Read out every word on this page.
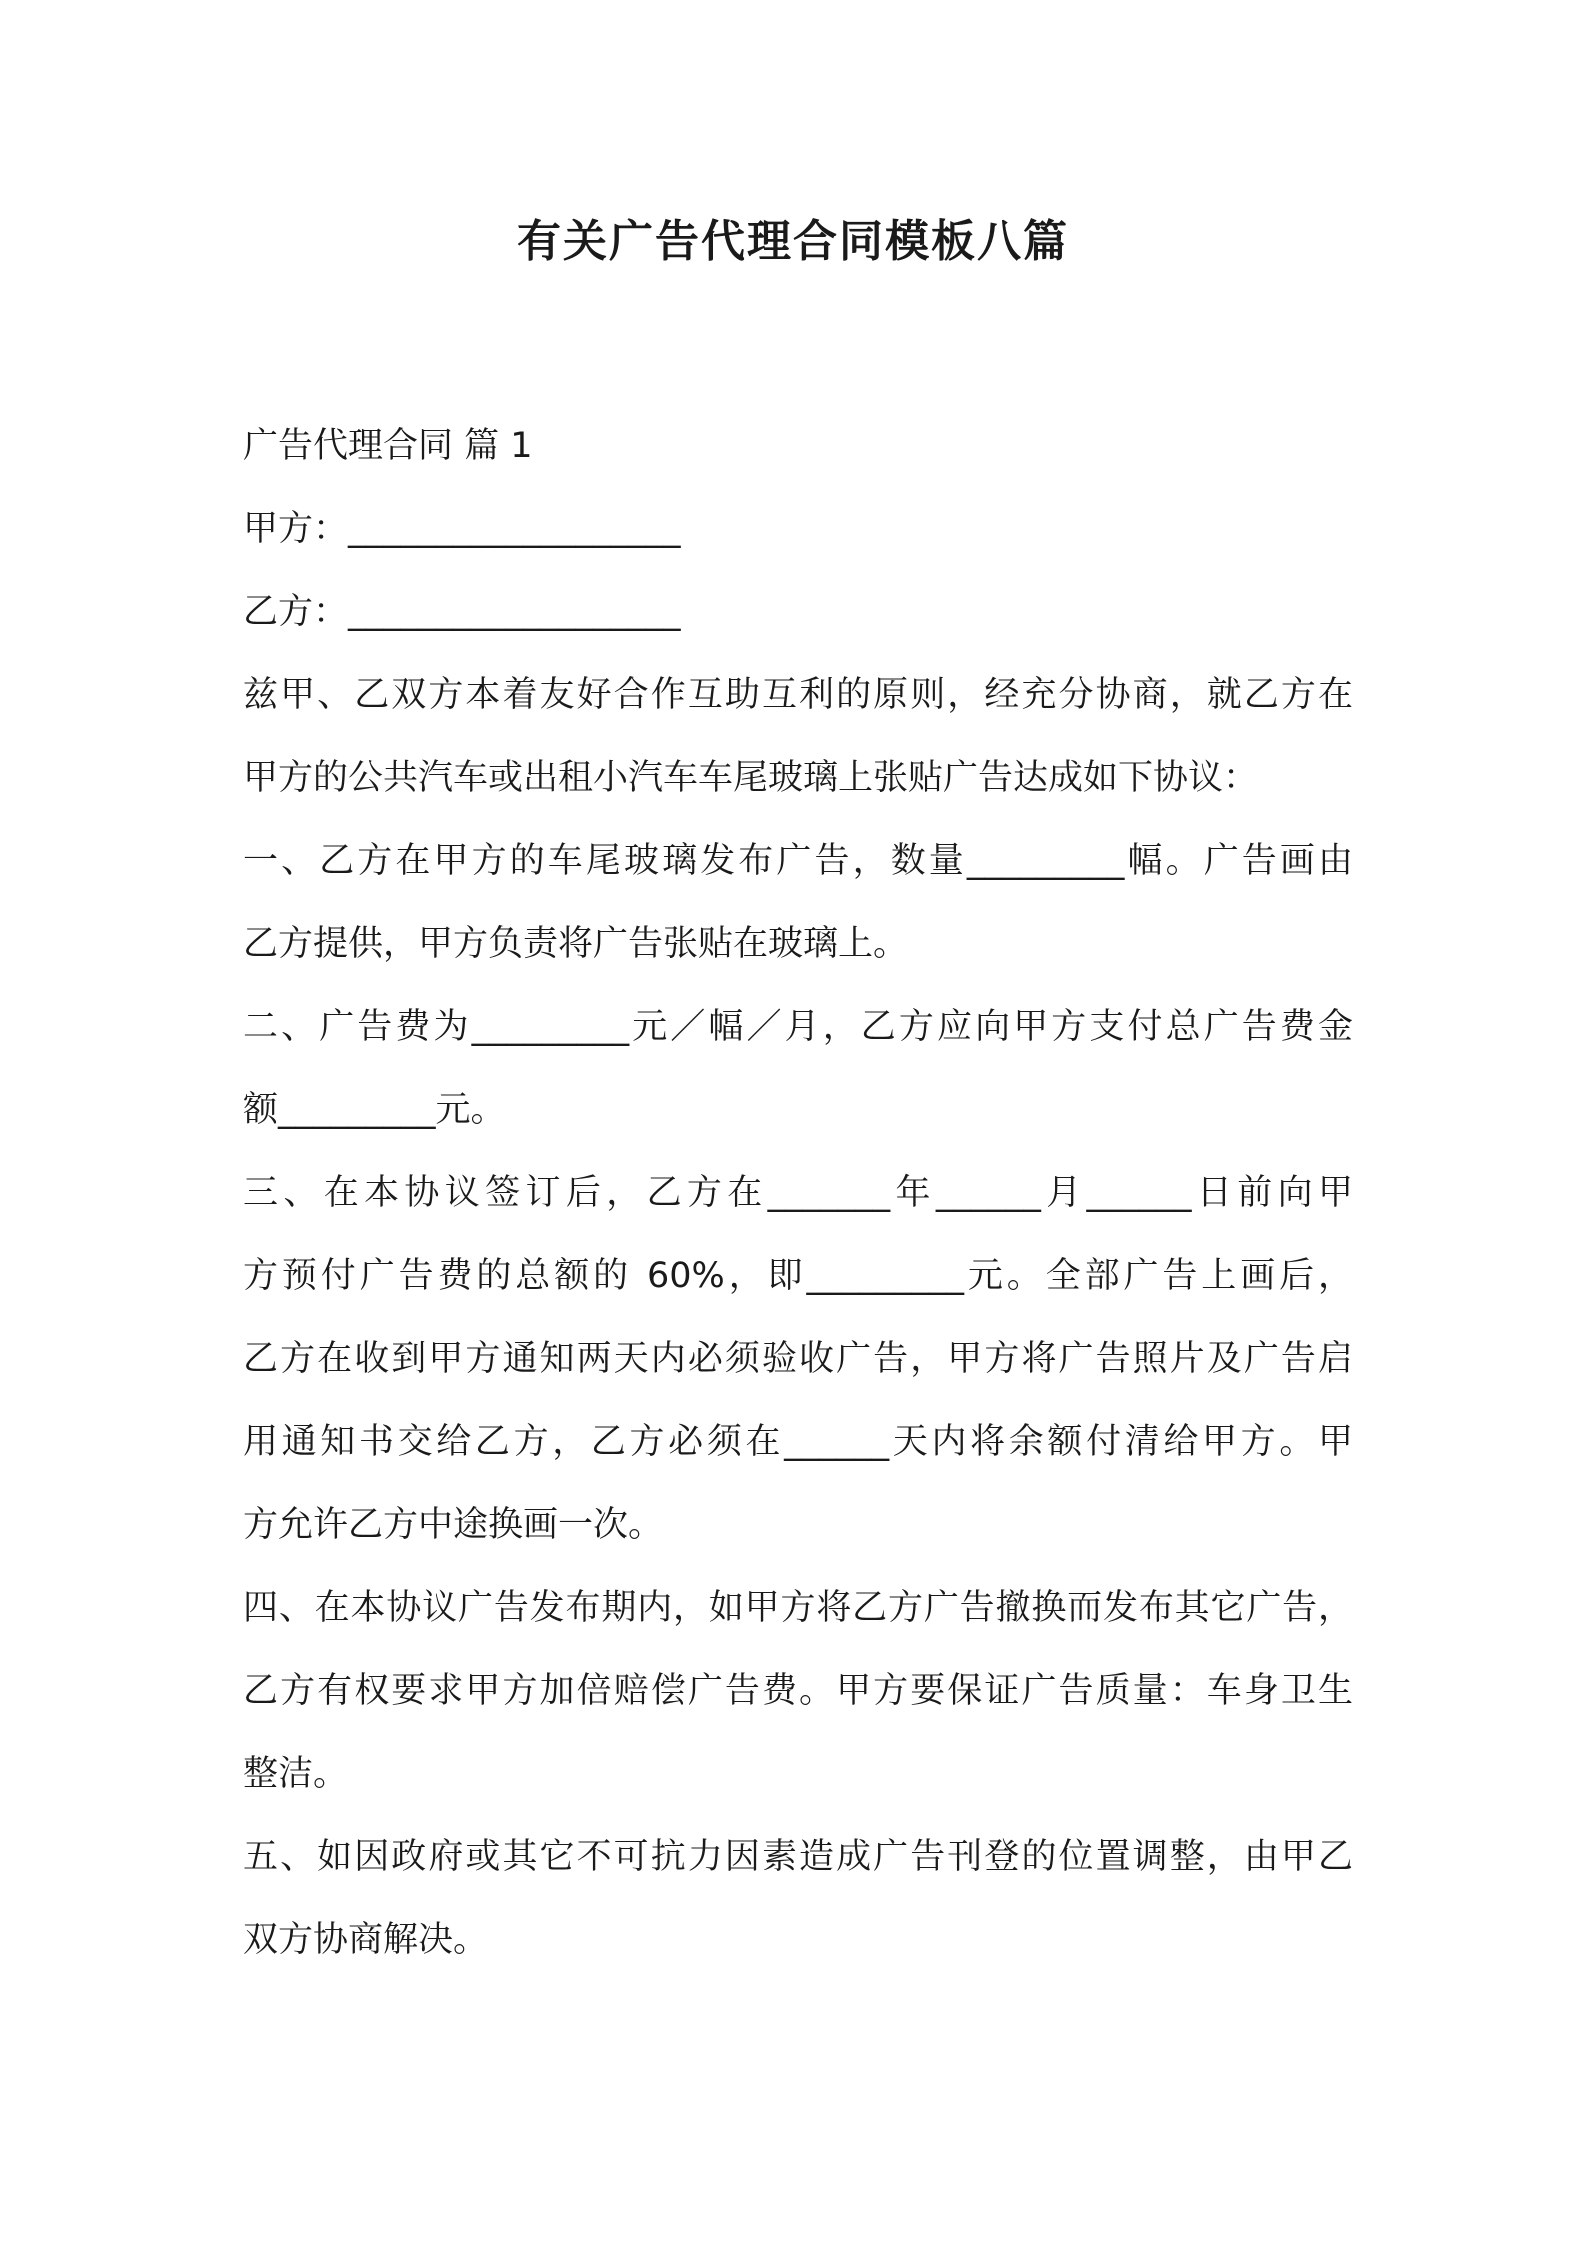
有关广告代理合同模板八篇
广告代理合同 篇 1
甲方：___________________
乙方：___________________
兹甲、乙双方本着友好合作互助互利的原则，经充分协商，就乙方在
甲方的公共汽车或出租小汽车车尾玻璃上张贴广告达成如下协议：
一、乙方在甲方的车尾玻璃发布广告，数量_________幅。广告画由
乙方提供，甲方负责将广告张贴在玻璃上。
二、广告费为_________元／幅／月，乙方应向甲方支付总广告费金
额_________元。
三、在本协议签订后，乙方在_______年______月______日前向甲
方预付广告费的总额的 60%，即_________元。全部广告上画后，
乙方在收到甲方通知两天内必须验收广告，甲方将广告照片及广告启
用通知书交给乙方，乙方必须在______天内将余额付清给甲方。甲
方允许乙方中途换画一次。
四、在本协议广告发布期内，如甲方将乙方广告撤换而发布其它广告，
乙方有权要求甲方加倍赔偿广告费。甲方要保证广告质量：车身卫生
整洁。
五、如因政府或其它不可抗力因素造成广告刊登的位置调整，由甲乙
双方协商解决。
